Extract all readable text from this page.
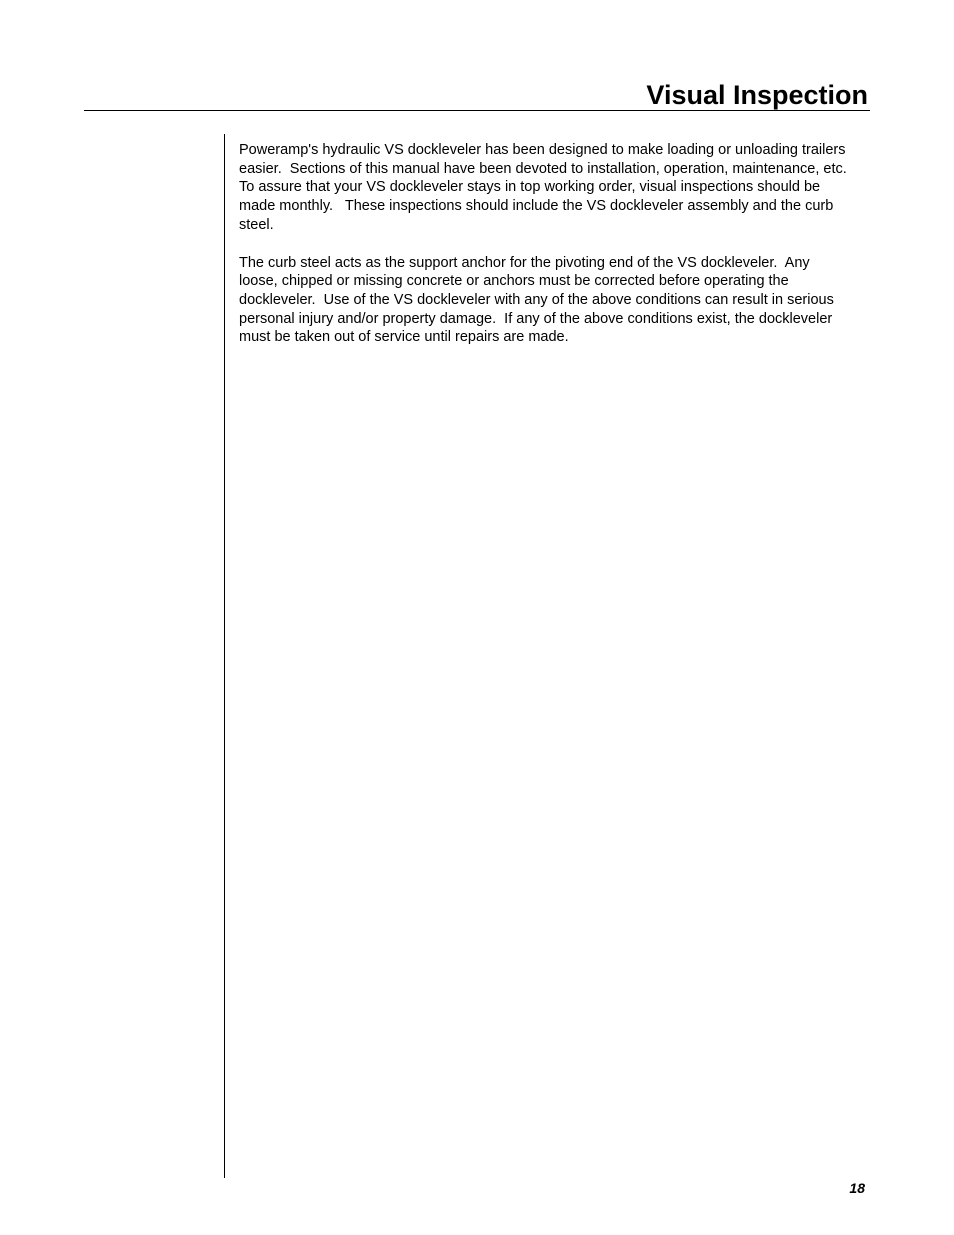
Visual Inspection

Poweramp's hydraulic VS dockleveler has been designed to make loading or unloading trailers easier.  Sections of this manual have been devoted to installation, operation, maintenance, etc.  To assure that your VS dockleveler stays in top working order, visual inspections should be made monthly.   These inspections should include the VS dockleveler assembly and the curb steel.

The curb steel acts as the support anchor for the pivoting end of the VS dockleveler.  Any loose, chipped or missing concrete or anchors must be corrected before operating the dockleveler.  Use of the VS dockleveler with any of the above conditions can result in serious personal injury and/or property damage.  If any of the above conditions exist, the dockleveler must be taken out of service until repairs are made.

18
